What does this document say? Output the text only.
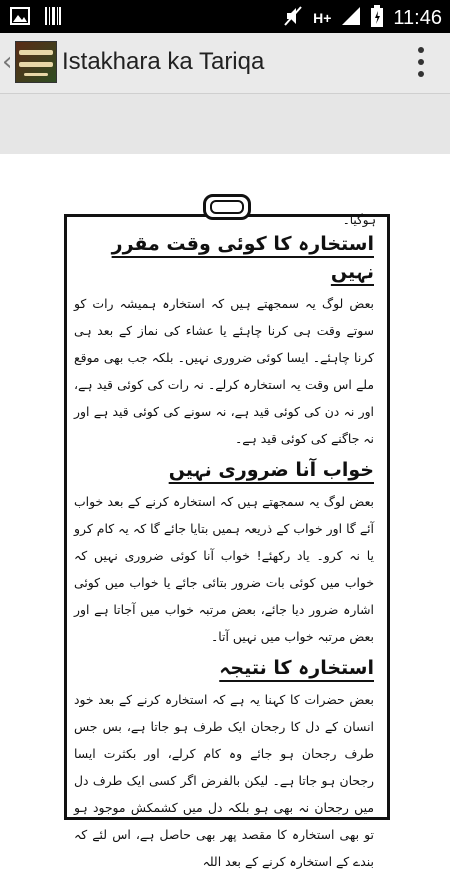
H+	11:46
‹ Istakhara ka Tariqa
ہوگیا۔
استخارہ کا کوئی وقت مقرر نہیں

بعض لوگ یہ سمجھتے ہیں کہ استخارہ ہمیشہ رات کو سوتے وقت ہی کرنا چاہئے یا عشاء کی نماز کے بعد ہی کرنا چاہئے۔ ایسا کوئی ضروری نہیں۔ بلکہ جب بھی موقع ملے اس وقت یہ استخارہ کرلے۔ نہ رات کی کوئی قید ہے، اور نہ دن کی کوئی قید ہے، نہ سونے کی کوئی قید ہے اور نہ جاگنے کی کوئی قید ہے۔

خواب آنا ضروری نہیں

بعض لوگ یہ سمجھتے ہیں کہ استخارہ کرنے کے بعد خواب آئے گا اور خواب کے ذریعہ ہمیں بتایا جائے گا کہ یہ کام کرو یا نہ کرو۔ یاد رکھئے! خواب آنا کوئی ضروری نہیں کہ خواب میں کوئی بات ضرور بتائی جائے یا خواب میں کوئی اشارہ ضرور دیا جائے، بعض مرتبہ خواب میں آجاتا ہے اور بعض مرتبہ خواب میں نہیں آتا۔

استخارہ کا نتیجہ

بعض حضرات کا کہنا یہ ہے کہ استخارہ کرنے کے بعد خود انسان کے دل کا رجحان ایک طرف ہو جاتا ہے، بس جس طرف رجحان ہو جائے وہ کام کرلے، اور بکثرت ایسا رجحان ہو جاتا ہے۔ لیکن بالفرض اگر کسی ایک طرف دل میں رجحان نہ بھی ہو بلکہ دل میں کشمکش موجود ہو تو بھی استخارہ کا مقصد پھر بھی حاصل ہے، اس لئے کہ بندے کے استخارہ کرنے کے بعد اللہ
